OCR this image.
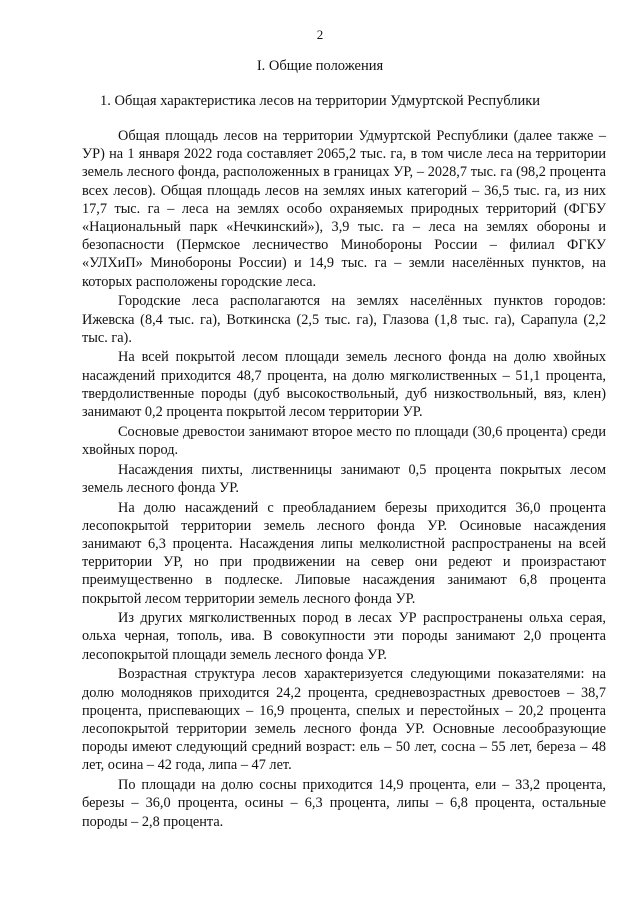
2
I. Общие положения
1. Общая характеристика лесов на территории Удмуртской Республики

Общая площадь лесов на территории Удмуртской Республики (далее также – УР) на 1 января 2022 года составляет 2065,2 тыс. га, в том числе леса на территории земель лесного фонда, расположенных в границах УР, – 2028,7 тыс. га (98,2 процента всех лесов). Общая площадь лесов на землях иных категорий – 36,5 тыс. га, из них 17,7 тыс. га – леса на землях особо охраняемых природных территорий (ФГБУ «Национальный парк «Нечкинский»), 3,9 тыс. га – леса на землях обороны и безопасности (Пермское лесничество Минобороны России – филиал ФГКУ «УЛХиП» Минобороны России) и 14,9 тыс. га – земли населённых пунктов, на которых расположены городские леса.

Городские леса располагаются на землях населённых пунктов городов: Ижевска (8,4 тыс. га), Воткинска (2,5 тыс. га), Глазова (1,8 тыс. га), Сарапула (2,2 тыс. га).

На всей покрытой лесом площади земель лесного фонда на долю хвойных насаждений приходится 48,7 процента, на долю мягколиственных – 51,1 процента, твердолиственные породы (дуб высокоствольный, дуб низкоствольный, вяз, клен) занимают 0,2 процента покрытой лесом территории УР.

Сосновые древостои занимают второе место по площади (30,6 процента) среди хвойных пород.

Насаждения пихты, лиственницы занимают 0,5 процента покрытых лесом земель лесного фонда УР.

На долю насаждений с преобладанием березы приходится 36,0 процента лесопокрытой территории земель лесного фонда УР. Осиновые насаждения занимают 6,3 процента. Насаждения липы мелколистной распространены на всей территории УР, но при продвижении на север они редеют и произрастают преимущественно в подлеске. Липовые насаждения занимают 6,8 процента покрытой лесом территории земель лесного фонда УР.

Из других мягколиственных пород в лесах УР распространены ольха серая, ольха черная, тополь, ива. В совокупности эти породы занимают 2,0 процента лесопокрытой площади земель лесного фонда УР.

Возрастная структура лесов характеризуется следующими показателями: на долю молодняков приходится 24,2 процента, средневозрастных древостоев – 38,7 процента, приспевающих – 16,9 процента, спелых и перестойных – 20,2 процента лесопокрытой территории земель лесного фонда УР. Основные лесообразующие породы имеют следующий средний возраст: ель – 50 лет, сосна – 55 лет, береза – 48 лет, осина – 42 года, липа – 47 лет.

По площади на долю сосны приходится 14,9 процента, ели – 33,2 процента, березы – 36,0 процента, осины – 6,3 процента, липы – 6,8 процента, остальные породы – 2,8 процента.
